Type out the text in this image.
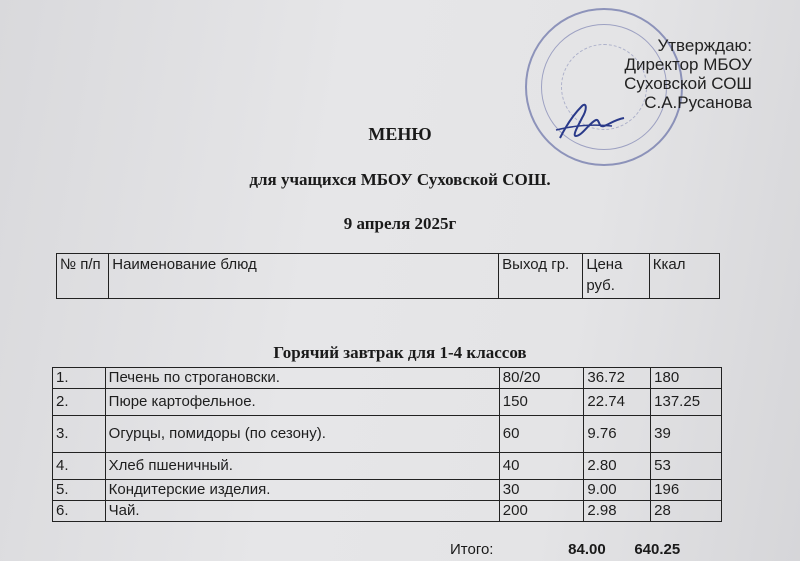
Утверждаю:
Директор МБОУ
Суховской СОШ
С.А.Русанова
МЕНЮ
для учащихся МБОУ Суховской СОШ.
9 апреля 2025г
№ п/п	Наименование блюд	Выход гр.	Цена руб.	Ккал
Горячий завтрак для 1-4 классов
1.	Печень по строгановски.	80/20	36.72	180
2.	Пюре картофельное.	150	22.74	137.25
3.	Огурцы, помидоры (по сезону).	60	9.76	39
4.	Хлеб пшеничный.	40	2.80	53
5.	Кондитерские изделия.	30	9.00	196
6.	Чай.	200	2.98	28
Итого:	84.00 640.25
